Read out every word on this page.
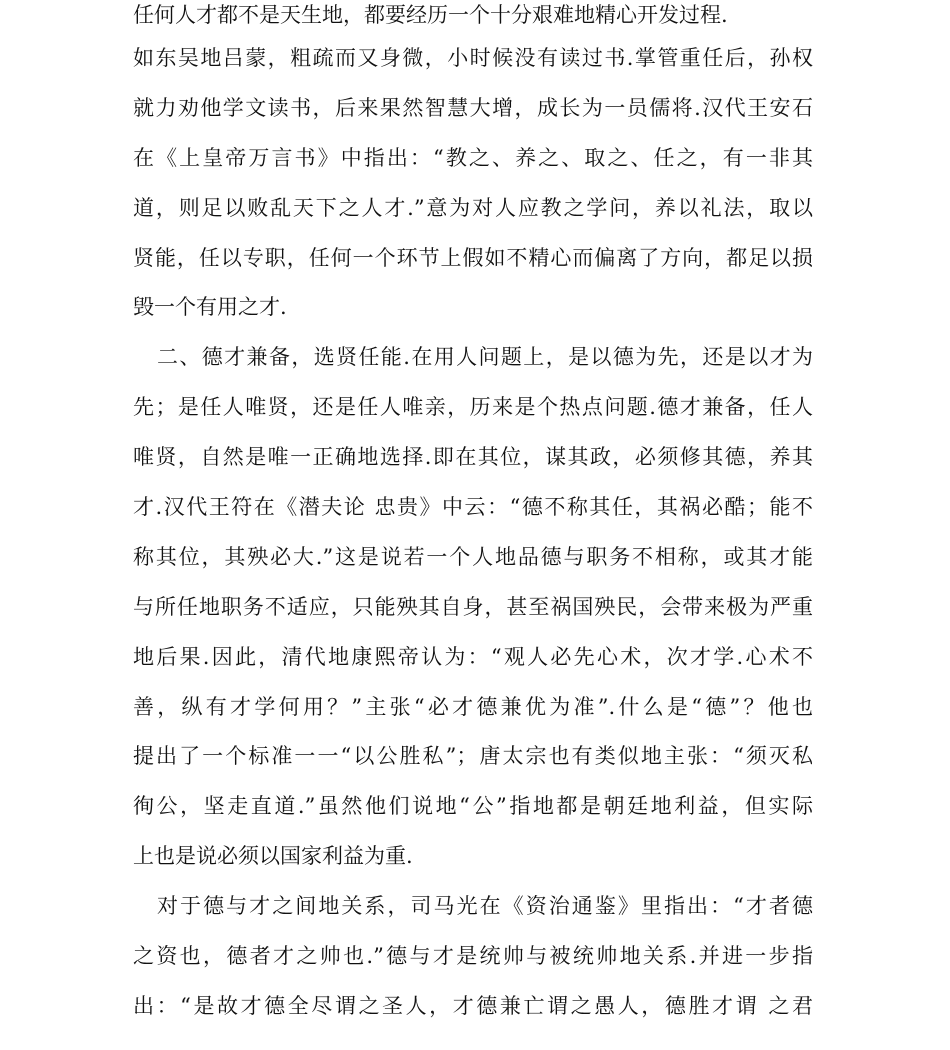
任何人才都不是天生地，都要经历一个十分艰难地精心开发过程.
如东吴地吕蒙，粗疏而又身微，小时候没有读过书.掌管重任后，孙权
就力劝他学文读书，后来果然智慧大增，成长为一员儒将.汉代王安石
在《上皇帝万言书》中指出：“教之、养之、取之、任之，有一非其
道，则足以败乱天下之人才.”意为对人应教之学问，养以礼法，取以
贤能，任以专职，任何一个环节上假如不精心而偏离了方向，都足以损
毁一个有用之才.
二、德才兼备，选贤任能.在用人问题上，是以德为先，还是以才为
先；是任人唯贤，还是任人唯亲，历来是个热点问题.德才兼备，任人
唯贤，自然是唯一正确地选择.即在其位，谋其政，必须修其德，养其
才.汉代王符在《潜夫论 忠贵》中云：“德不称其任，其祸必酷；能不
称其位，其殃必大.”这是说若一个人地品德与职务不相称，或其才能
与所任地职务不适应，只能殃其自身，甚至祸国殃民，会带来极为严重
地后果.因此，清代地康熙帝认为：“观人必先心术，次才学.心术不
善，纵有才学何用？”主张“必才德兼优为准”.什么是“德”？他也
提出了一个标准一一“以公胜私”；唐太宗也有类似地主张：“须灭私
徇公，坚走直道.”虽然他们说地“公”指地都是朝廷地利益，但实际
上也是说必须以国家利益为重.
对于德与才之间地关系，司马光在《资治通鉴》里指出：“才者德
之资也，德者才之帅也.”德与才是统帅与被统帅地关系.并进一步指
出：“是故才德全尽谓之圣人，才德兼亡谓之愚人，德胜才谓 之君
